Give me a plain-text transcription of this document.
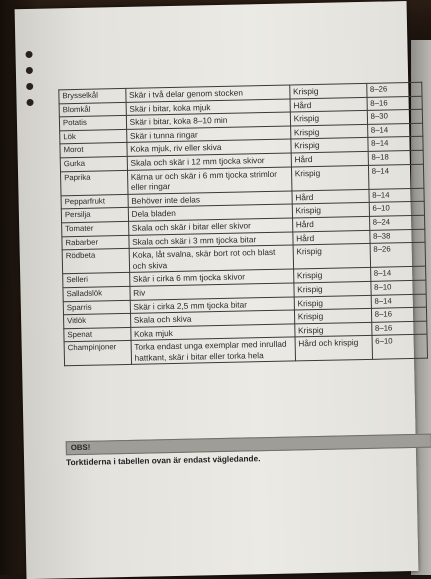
Brysselkål	Skär i två delar genom stocken	Krispig	8–26
Blomkål	Skär i bitar, koka mjuk	Hård	8–16
Potatis	Skär i bitar, koka 8–10 min	Krispig	8–30
Lök	Skär i tunna ringar	Krispig	8–14
Morot	Koka mjuk, riv eller skiva	Krispig	8–14
Gurka	Skala och skär i 12 mm tjocka skivor	Hård	8–18
Paprika	Kärna ur och skär i 6 mm tjocka strimlor eller ringar	Krispig	8–14
Pepparfrukt	Behöver inte delas	Hård	8–14
Persilja	Dela bladen	Krispig	6–10
Tomater	Skala och skär i bitar eller skivor	Hård	8–24
Rabarber	Skala och skär i 3 mm tjocka bitar	Hård	8–38
Rödbeta	Koka, låt svalna, skär bort rot och blast och skiva	Krispig	8–26
Selleri	Skär i cirka 6 mm tjocka skivor	Krispig	8–14
Salladslök	Riv	Krispig	8–10
Sparris	Skär i cirka 2,5 mm tjocka bitar	Krispig	8–14
Vitlök	Skala och skiva	Krispig	8–16
Spenat	Koka mjuk	Krispig	8–16
Champinjoner	Torka endast unga exemplar med inrullad hattkant, skär i bitar eller torka hela	Hård och krispig	6–10
OBS!
Torktiderna i tabellen ovan är endast vägledande.
